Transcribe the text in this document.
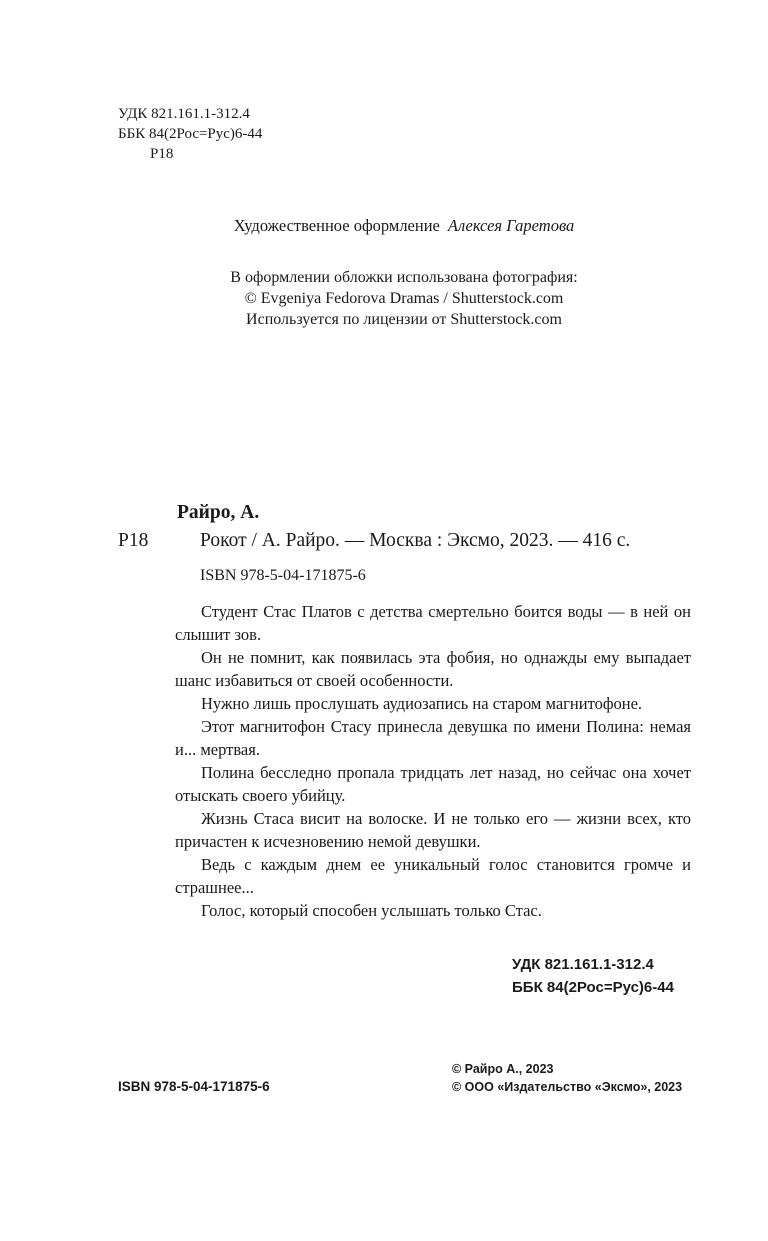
УДК 821.161.1-312.4
ББК 84(2Рос=Рус)6-44
Р18
Художественное оформление Алексея Гаретова
В оформлении обложки использована фотография:
© Evgeniya Fedorova Dramas / Shutterstock.com
Используется по лицензии от Shutterstock.com
Райро, А.
Р18	Рокот / А. Райро. — Москва : Эксмо, 2023. — 416 с.
ISBN 978-5-04-171875-6

Студент Стас Платов с детства смертельно боится воды — в ней он слышит зов.

Он не помнит, как появилась эта фобия, но однажды ему выпадает шанс избавиться от своей особенности.

Нужно лишь прослушать аудиозапись на старом магнитофоне.

Этот магнитофон Стасу принесла девушка по имени Полина: немая и... мертвая.

Полина бесследно пропала тридцать лет назад, но сейчас она хочет отыскать своего убийцу.

Жизнь Стаса висит на волоске. И не только его — жизни всех, кто причастен к исчезновению немой девушки.

Ведь с каждым днем ее уникальный голос становится громче и страшнее...

Голос, который способен услышать только Стас.

УДК 821.161.1-312.4
ББК 84(2Рос=Рус)6-44
ISBN 978-5-04-171875-6
© Райро А., 2023
© ООО «Издательство «Эксмо», 2023
